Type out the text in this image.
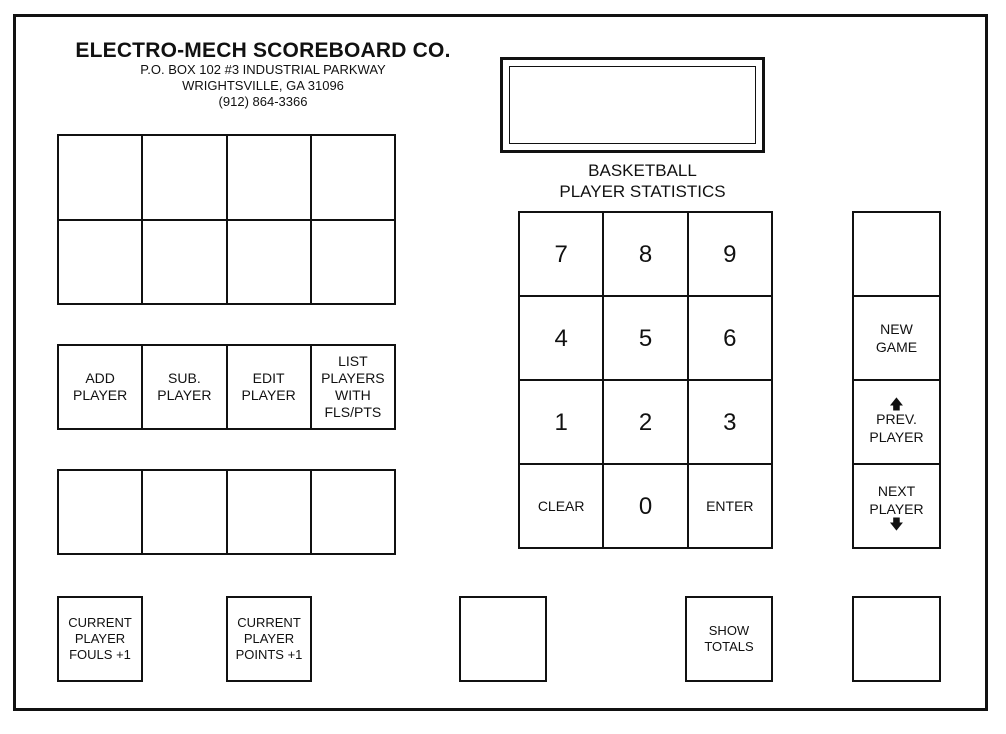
ELECTRO-MECH SCOREBOARD CO.
P.O. BOX 102 #3 INDUSTRIAL PARKWAY
WRIGHTSVILLE, GA 31096
(912) 864-3366
BASKETBALL
PLAYER STATISTICS
ADD
PLAYER
SUB.
PLAYER
EDIT
PLAYER
LIST
PLAYERS
WITH
FLS/PTS
7	8	9
4	5	6
1	2	3
CLEAR	0	ENTER
NEW
GAME
🡅
PREV.
PLAYER
NEXT
PLAYER
🡇
CURRENT
PLAYER
FOULS +1
CURRENT
PLAYER
POINTS +1
SHOW
TOTALS
